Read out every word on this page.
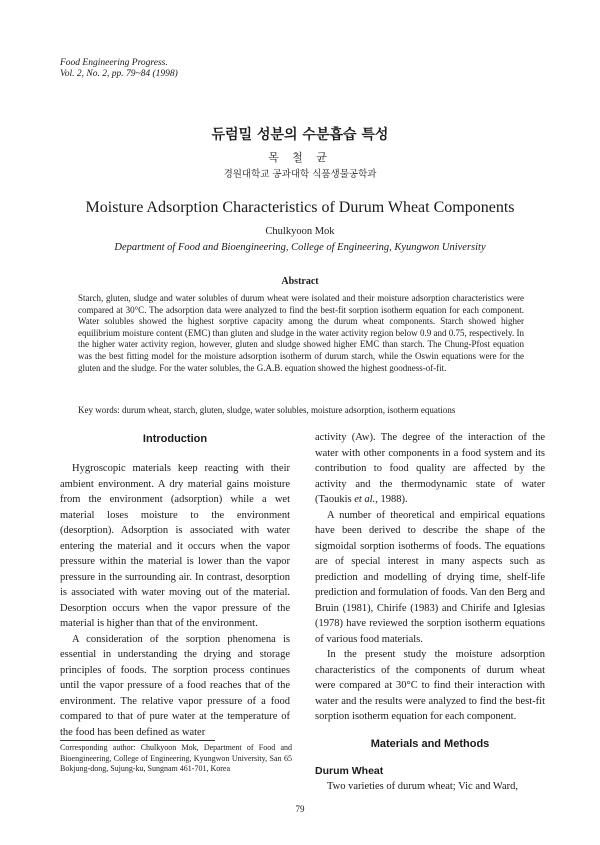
Food Engineering Progress.
Vol. 2, No. 2, pp. 79~84 (1998)
듀럼밀 성분의 수분흡습 특성
목 철 균
경원대학교 공과대학 식품생물공학과
Moisture Adsorption Characteristics of Durum Wheat Components
Chulkyoon Mok
Department of Food and Bioengineering, College of Engineering, Kyungwon University
Abstract

Starch, gluten, sludge and water solubles of durum wheat were isolated and their moisture adsorption characteristics were compared at 30°C. The adsorption data were analyzed to find the best-fit sorption isotherm equation for each component. Water solubles showed the highest sorptive capacity among the durum wheat components. Starch showed higher equilibrium moisture content (EMC) than gluten and sludge in the water activity region below 0.9 and 0.75, respectively. In the higher water activity region, however, gluten and sludge showed higher EMC than starch. The Chung-Pfost equation was the best fitting model for the moisture adsorption isotherm of durum starch, while the Oswin equations were for the gluten and the sludge. For the water solubles, the G.A.B. equation showed the highest goodness-of-fit.

Key words: durum wheat, starch, gluten, sludge, water solubles, moisture adsorption, isotherm equations

Introduction

Hygroscopic materials keep reacting with their ambient environment. A dry material gains moisture from the environment (adsorption) while a wet material loses moisture to the environment (desorption). Adsorption is associated with water entering the material and it occurs when the vapor pressure within the material is lower than the vapor pressure in the surrounding air. In contrast, desorption is associated with water moving out of the material. Desorption occurs when the vapor pressure of the material is higher than that of the environment.

A consideration of the sorption phenomena is essential in understanding the drying and storage principles of foods. The sorption process continues until the vapor pressure of a food reaches that of the environment. The relative vapor pressure of a food compared to that of pure water at the temperature of the food has been defined as water

activity (Aw). The degree of the interaction of the water with other components in a food system and its contribution to food quality are affected by the activity and the thermodynamic state of water (Taoukis et al., 1988).

A number of theoretical and empirical equations have been derived to describe the shape of the sigmoidal sorption isotherms of foods. The equations are of special interest in many aspects such as prediction and modelling of drying time, shelf-life prediction and formulation of foods. Van den Berg and Bruin (1981), Chirife (1983) and Chirife and Iglesias (1978) have reviewed the sorption isotherm equations of various food materials.

In the present study the moisture adsorption characteristics of the components of durum wheat were compared at 30°C to find their interaction with water and the results were analyzed to find the best-fit sorption isotherm equation for each component.

Materials and Methods
Durum Wheat

Two varieties of durum wheat; Vic and Ward,

Corresponding author: Chulkyoon Mok, Department of Food and Bioengineering, College of Engineering, Kyungwon University, San 65 Bokjung-dong, Sujung-ku, Sungnam 461-701, Korea

79
